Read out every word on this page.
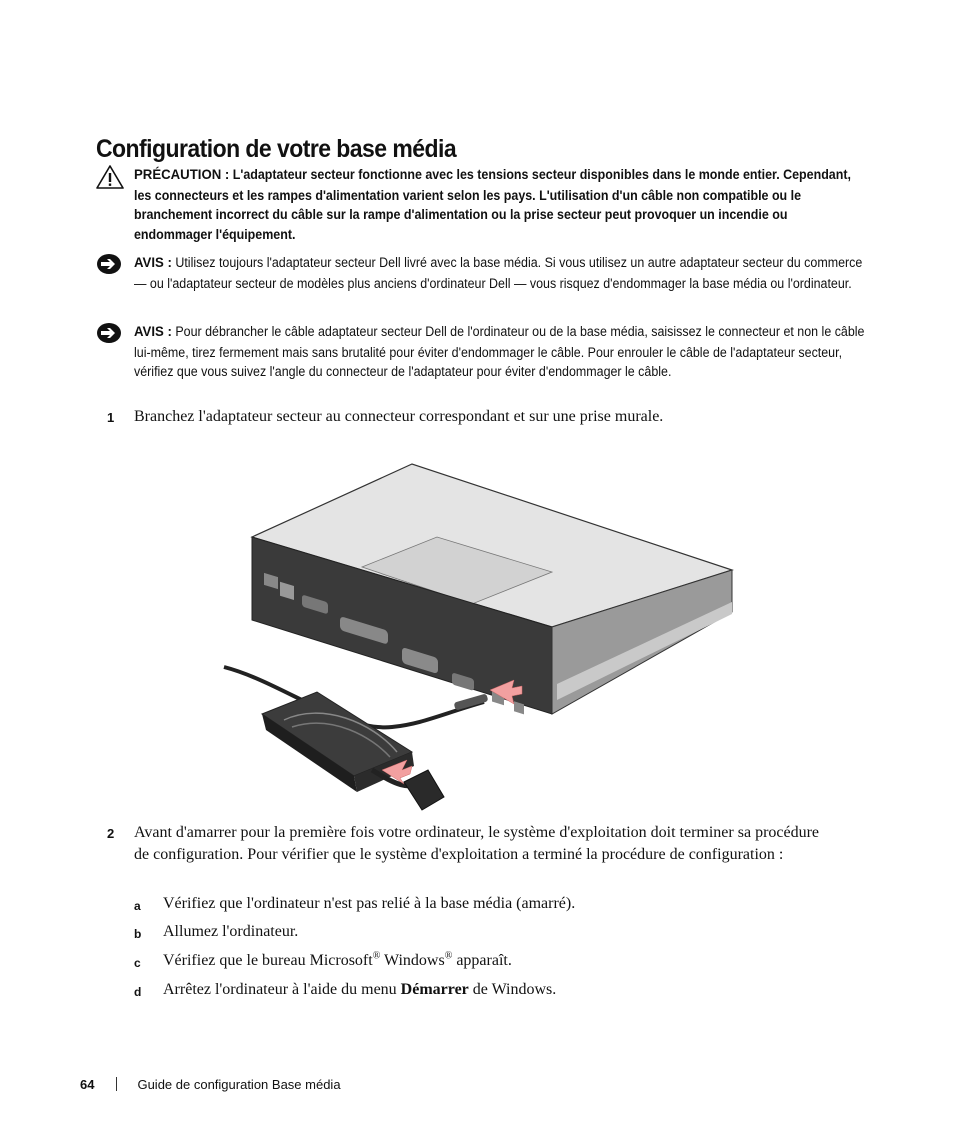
Configuration de votre base média
PRÉCAUTION : L'adaptateur secteur fonctionne avec les tensions secteur disponibles dans le monde entier. Cependant, les connecteurs et les rampes d'alimentation varient selon les pays. L'utilisation d'un câble non compatible ou le branchement incorrect du câble sur la rampe d'alimentation ou la prise secteur peut provoquer un incendie ou endommager l'équipement.
AVIS : Utilisez toujours l'adaptateur secteur Dell livré avec la base média. Si vous utilisez un autre adaptateur secteur du commerce — ou l'adaptateur secteur de modèles plus anciens d'ordinateur Dell — vous risquez d'endommager la base média ou l'ordinateur.
AVIS : Pour débrancher le câble adaptateur secteur Dell de l'ordinateur ou de la base média, saisissez le connecteur et non le câble lui-même, tirez fermement mais sans brutalité pour éviter d'endommager le câble. Pour enrouler le câble de l'adaptateur secteur, vérifiez que vous suivez l'angle du connecteur de l'adaptateur pour éviter d'endommager le câble.
1 Branchez l'adaptateur secteur au connecteur correspondant et sur une prise murale.
2 Avant d'amarrer pour la première fois votre ordinateur, le système d'exploitation doit terminer sa procédure de configuration. Pour vérifier que le système d'exploitation a terminé la procédure de configuration :
a Vérifiez que l'ordinateur n'est pas relié à la base média (amarré).
b Allumez l'ordinateur.
c Vérifiez que le bureau Microsoft® Windows® apparaît.
d Arrêtez l'ordinateur à l'aide du menu Démarrer de Windows.
64	Guide de configuration Base média
